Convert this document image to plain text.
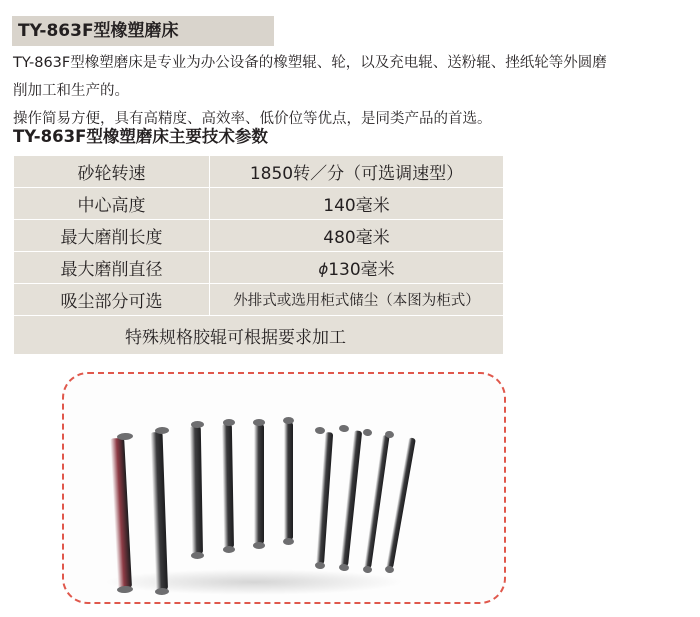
TY-863F型橡塑磨床

TY-863F型橡塑磨床是专业为办公设备的橡塑辊、轮，以及充电辊、送粉辊、挫纸轮等外圆磨

削加工和生产的。

操作简易方便，具有高精度、高效率、低价位等优点，是同类产品的首选。

TY-863F型橡塑磨床主要技术参数
砂轮转速	1850转／分（可选调速型）
中心高度	140毫米
最大磨削长度	480毫米
最大磨削直径	ϕ130毫米
吸尘部分可选	外排式或选用柜式储尘（本图为柜式）

特殊规格胶辊可根据要求加工	
